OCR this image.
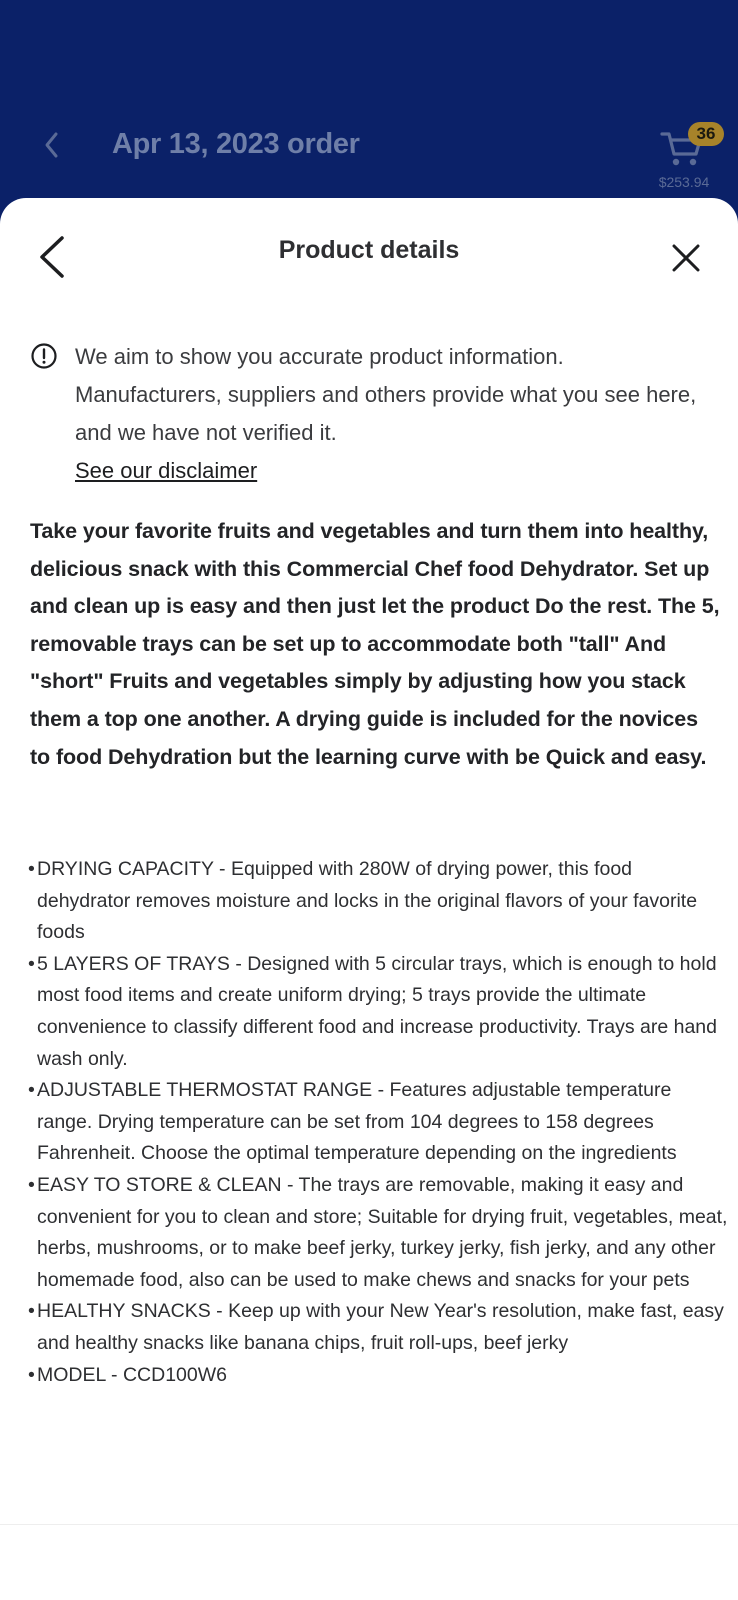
Apr 13, 2023 order	36
$253.94
Product details
We aim to show you accurate product information. Manufacturers, suppliers and others provide what you see here, and we have not verified it.
See our disclaimer
Take your favorite fruits and vegetables and turn them into healthy, delicious snack with this Commercial Chef food Dehydrator. Set up and clean up is easy and then just let the product Do the rest. The 5, removable trays can be set up to accommodate both "tall" And "short" Fruits and vegetables simply by adjusting how you stack them a top one another. A drying guide is included for the novices to food Dehydration but the learning curve with be Quick and easy.
• DRYING CAPACITY - Equipped with 280W of drying power, this food dehydrator removes moisture and locks in the original flavors of your favorite foods
• 5 LAYERS OF TRAYS - Designed with 5 circular trays, which is enough to hold most food items and create uniform drying; 5 trays provide the ultimate convenience to classify different food and increase productivity. Trays are hand wash only.
• ADJUSTABLE THERMOSTAT RANGE - Features adjustable temperature range. Drying temperature can be set from 104 degrees to 158 degrees Fahrenheit. Choose the optimal temperature depending on the ingredients
• EASY TO STORE & CLEAN - The trays are removable, making it easy and convenient for you to clean and store; Suitable for drying fruit, vegetables, meat, herbs, mushrooms, or to make beef jerky, turkey jerky, fish jerky, and any other homemade food, also can be used to make chews and snacks for your pets
• HEALTHY SNACKS - Keep up with your New Year's resolution, make fast, easy and healthy snacks like banana chips, fruit roll-ups, beef jerky
• MODEL - CCD100W6
